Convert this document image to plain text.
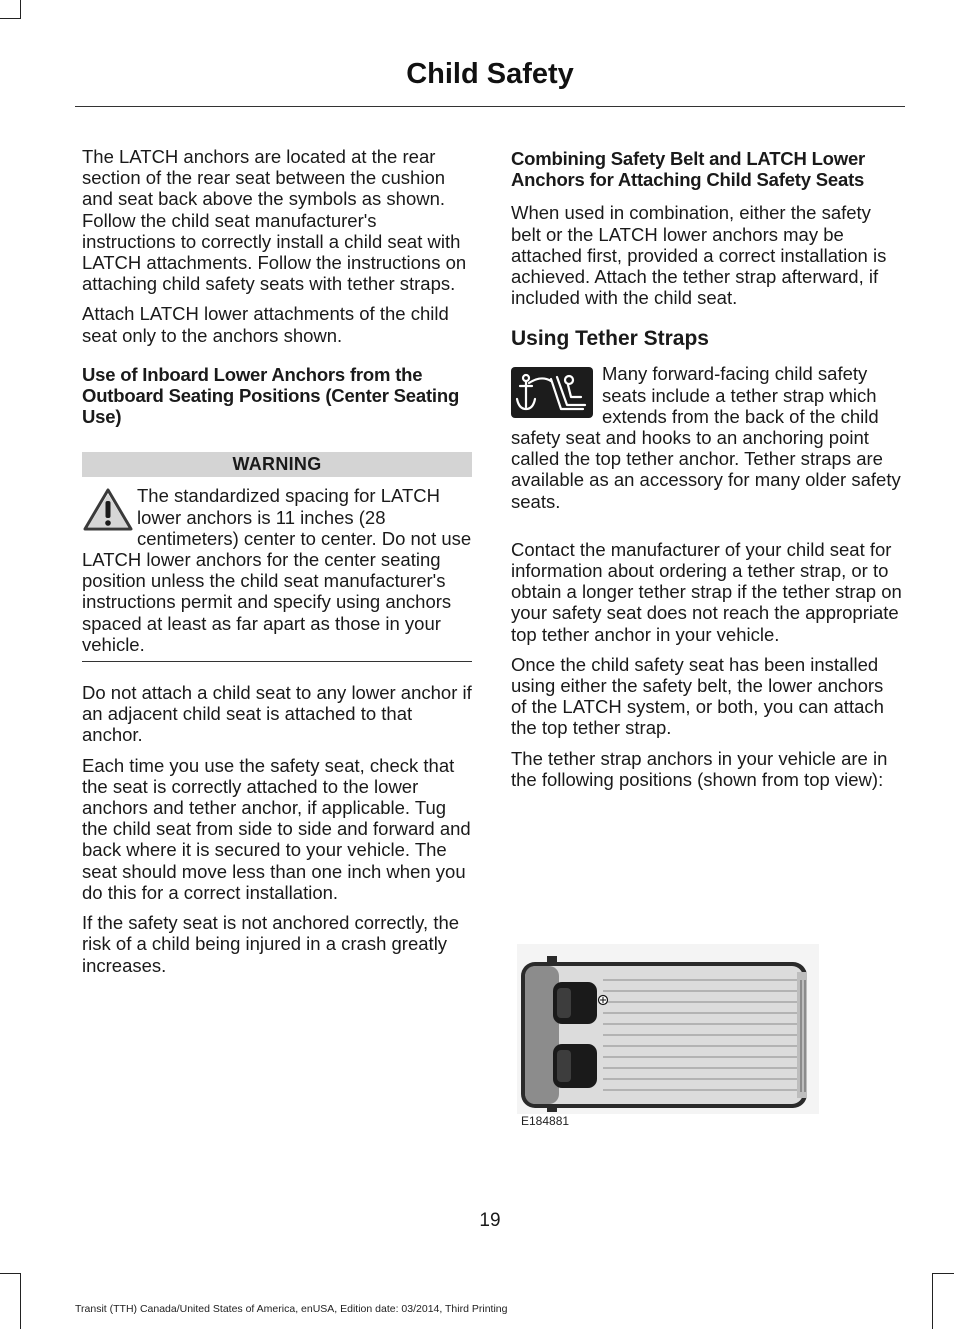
Child Safety

The LATCH anchors are located at the rear section of the rear seat between the cushion and seat back above the symbols as shown. Follow the child seat manufacturer's instructions to correctly install a child seat with LATCH attachments. Follow the instructions on attaching child safety seats with tether straps.

Attach LATCH lower attachments of the child seat only to the anchors shown.

Use of Inboard Lower Anchors from the Outboard Seating Positions (Center Seating Use)
WARNING

The standardized spacing for LATCH lower anchors is 11 inches (28 centimeters) center to center. Do not use LATCH lower anchors for the center seating position unless the child seat manufacturer's instructions permit and specify using anchors spaced at least as far apart as those in your vehicle.

Do not attach a child seat to any lower anchor if an adjacent child seat is attached to that anchor.

Each time you use the safety seat, check that the seat is correctly attached to the lower anchors and tether anchor, if applicable. Tug the child seat from side to side and forward and back where it is secured to your vehicle. The seat should move less than one inch when you do this for a correct installation.

If the safety seat is not anchored correctly, the risk of a child being injured in a crash greatly increases.

Combining Safety Belt and LATCH Lower Anchors for Attaching Child Safety Seats

When used in combination, either the safety belt or the LATCH lower anchors may be attached first, provided a correct installation is achieved. Attach the tether strap afterward, if included with the child seat.

Using Tether Straps

Many forward-facing child safety seats include a tether strap which extends from the back of the child safety seat and hooks to an anchoring point called the top tether anchor. Tether straps are available as an accessory for many older safety seats.

Contact the manufacturer of your child seat for information about ordering a tether strap, or to obtain a longer tether strap if the tether strap on your safety seat does not reach the appropriate top tether anchor in your vehicle.

Once the child safety seat has been installed using either the safety belt, the lower anchors of the LATCH system, or both, you can attach the top tether strap.

The tether strap anchors in your vehicle are in the following positions (shown from top view):

E184881
19
Transit (TTH) Canada/United States of America, enUSA, Edition date: 03/2014, Third Printing
